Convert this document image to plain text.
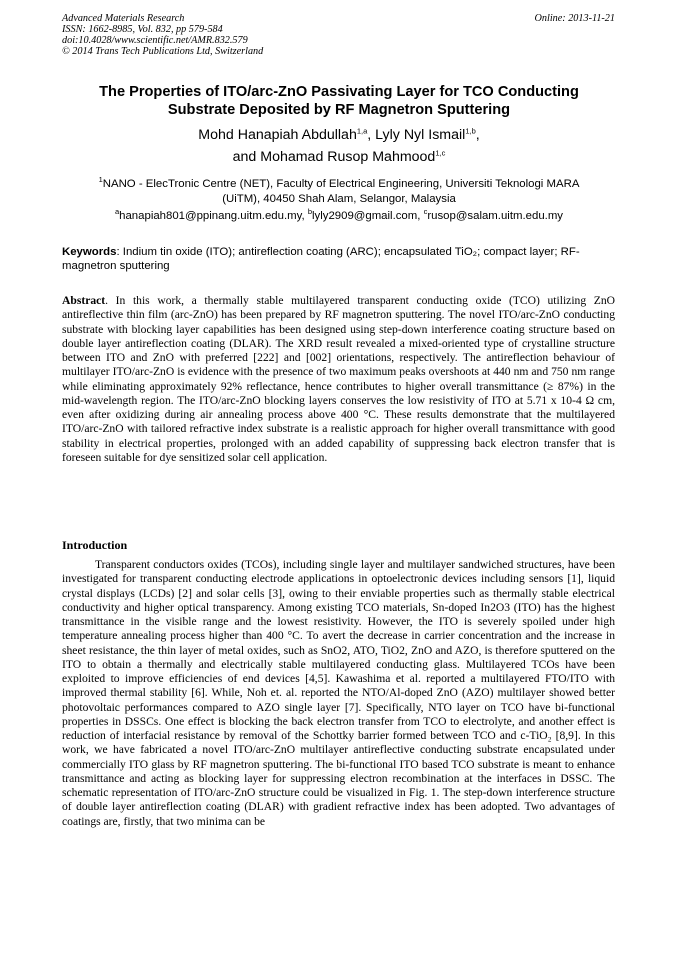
Advanced Materials Research
ISSN: 1662-8985, Vol. 832, pp 579-584
doi:10.4028/www.scientific.net/AMR.832.579
© 2014 Trans Tech Publications Ltd, Switzerland
Online: 2013-11-21
The Properties of ITO/arc-ZnO Passivating Layer for TCO Conducting
Substrate Deposited by RF Magnetron Sputtering
Mohd Hanapiah Abdullah$^{1,a}$, Lyly Nyl Ismail$^{1,b}$,
and Mohamad Rusop Mahmood$^{1,c}$
$^1$NANO - ElecTronic Centre (NET), Faculty of Electrical Engineering, Universiti Teknologi MARA
(UiTM), 40450 Shah Alam, Selangor, Malaysia
$^a$hanapiah801@ppinang.uitm.edu.my, $^b$lyly2909@gmail.com, $^c$rusop@salam.uitm.edu.my
Keywords: Indium tin oxide (ITO); antireflection coating (ARC); encapsulated TiO₂; compact layer; RF-magnetron sputtering
Abstract. In this work, a thermally stable multilayered transparent conducting oxide (TCO) utilizing ZnO antireflective thin film (arc-ZnO) has been prepared by RF magnetron sputtering. The novel ITO/arc-ZnO conducting substrate with blocking layer capabilities has been designed using step-down interference coating structure based on double layer antireflection coating (DLAR). The XRD result revealed a mixed-oriented type of crystalline structure between ITO and ZnO with preferred [222] and [002] orientations, respectively. The antireflection behaviour of multilayer ITO/arc-ZnO is evidence with the presence of two maximum peaks overshoots at 440 nm and 750 nm range while eliminating approximately 92% reflectance, hence contributes to higher overall transmittance (≥ 87%) in the mid-wavelength region. The ITO/arc-ZnO blocking layers conserves the low resistivity of ITO at 5.71 x 10-4 Ω cm, even after oxidizing during air annealing process above 400 °C. These results demonstrate that the multilayered ITO/arc-ZnO with tailored refractive index substrate is a realistic approach for higher overall transmittance with good stability in electrical properties, prolonged with an added capability of suppressing back electron transfer that is foreseen suitable for dye sensitized solar cell application.
Introduction
Transparent conductors oxides (TCOs), including single layer and multilayer sandwiched structures, have been investigated for transparent conducting electrode applications in optoelectronic devices including sensors [1], liquid crystal displays (LCDs) [2] and solar cells [3], owing to their enviable properties such as thermally stable electrical conductivity and higher optical transparency. Among existing TCO materials, Sn-doped In2O3 (ITO) has the highest transmittance in the visible range and the lowest resistivity. However, the ITO is severely spoiled under high temperature annealing process higher than 400 °C. To avert the decrease in carrier concentration and the increase in sheet resistance, the thin layer of metal oxides, such as SnO2, ATO, TiO2, ZnO and AZO, is therefore sputtered on the ITO to obtain a thermally and electrically stable multilayered conducting glass. Multilayered TCOs have been exploited to improve efficiencies of end devices [4,5]. Kawashima et al. reported a multilayered FTO/ITO with improved thermal stability [6]. While, Noh et. al. reported the NTO/Al-doped ZnO (AZO) multilayer showed better photovoltaic performances compared to AZO single layer [7]. Specifically, NTO layer on TCO have bi-functional properties in DSSCs. One effect is blocking the back electron transfer from TCO to electrolyte, and another effect is reduction of interfacial resistance by removal of the Schottky barrier formed between TCO and c-TiO₂ [8,9]. In this work, we have fabricated a novel ITO/arc-ZnO multilayer antireflective conducting substrate encapsulated under commercially ITO glass by RF magnetron sputtering. The bi-functional ITO based TCO substrate is meant to enhance transmittance and acting as blocking layer for suppressing electron recombination at the interfaces in DSSC. The schematic representation of ITO/arc-ZnO structure could be visualized in Fig. 1. The step-down interference structure of double layer antireflection coating (DLAR) with gradient refractive index has been adopted. Two advantages of coatings are, firstly, that two minima can be
